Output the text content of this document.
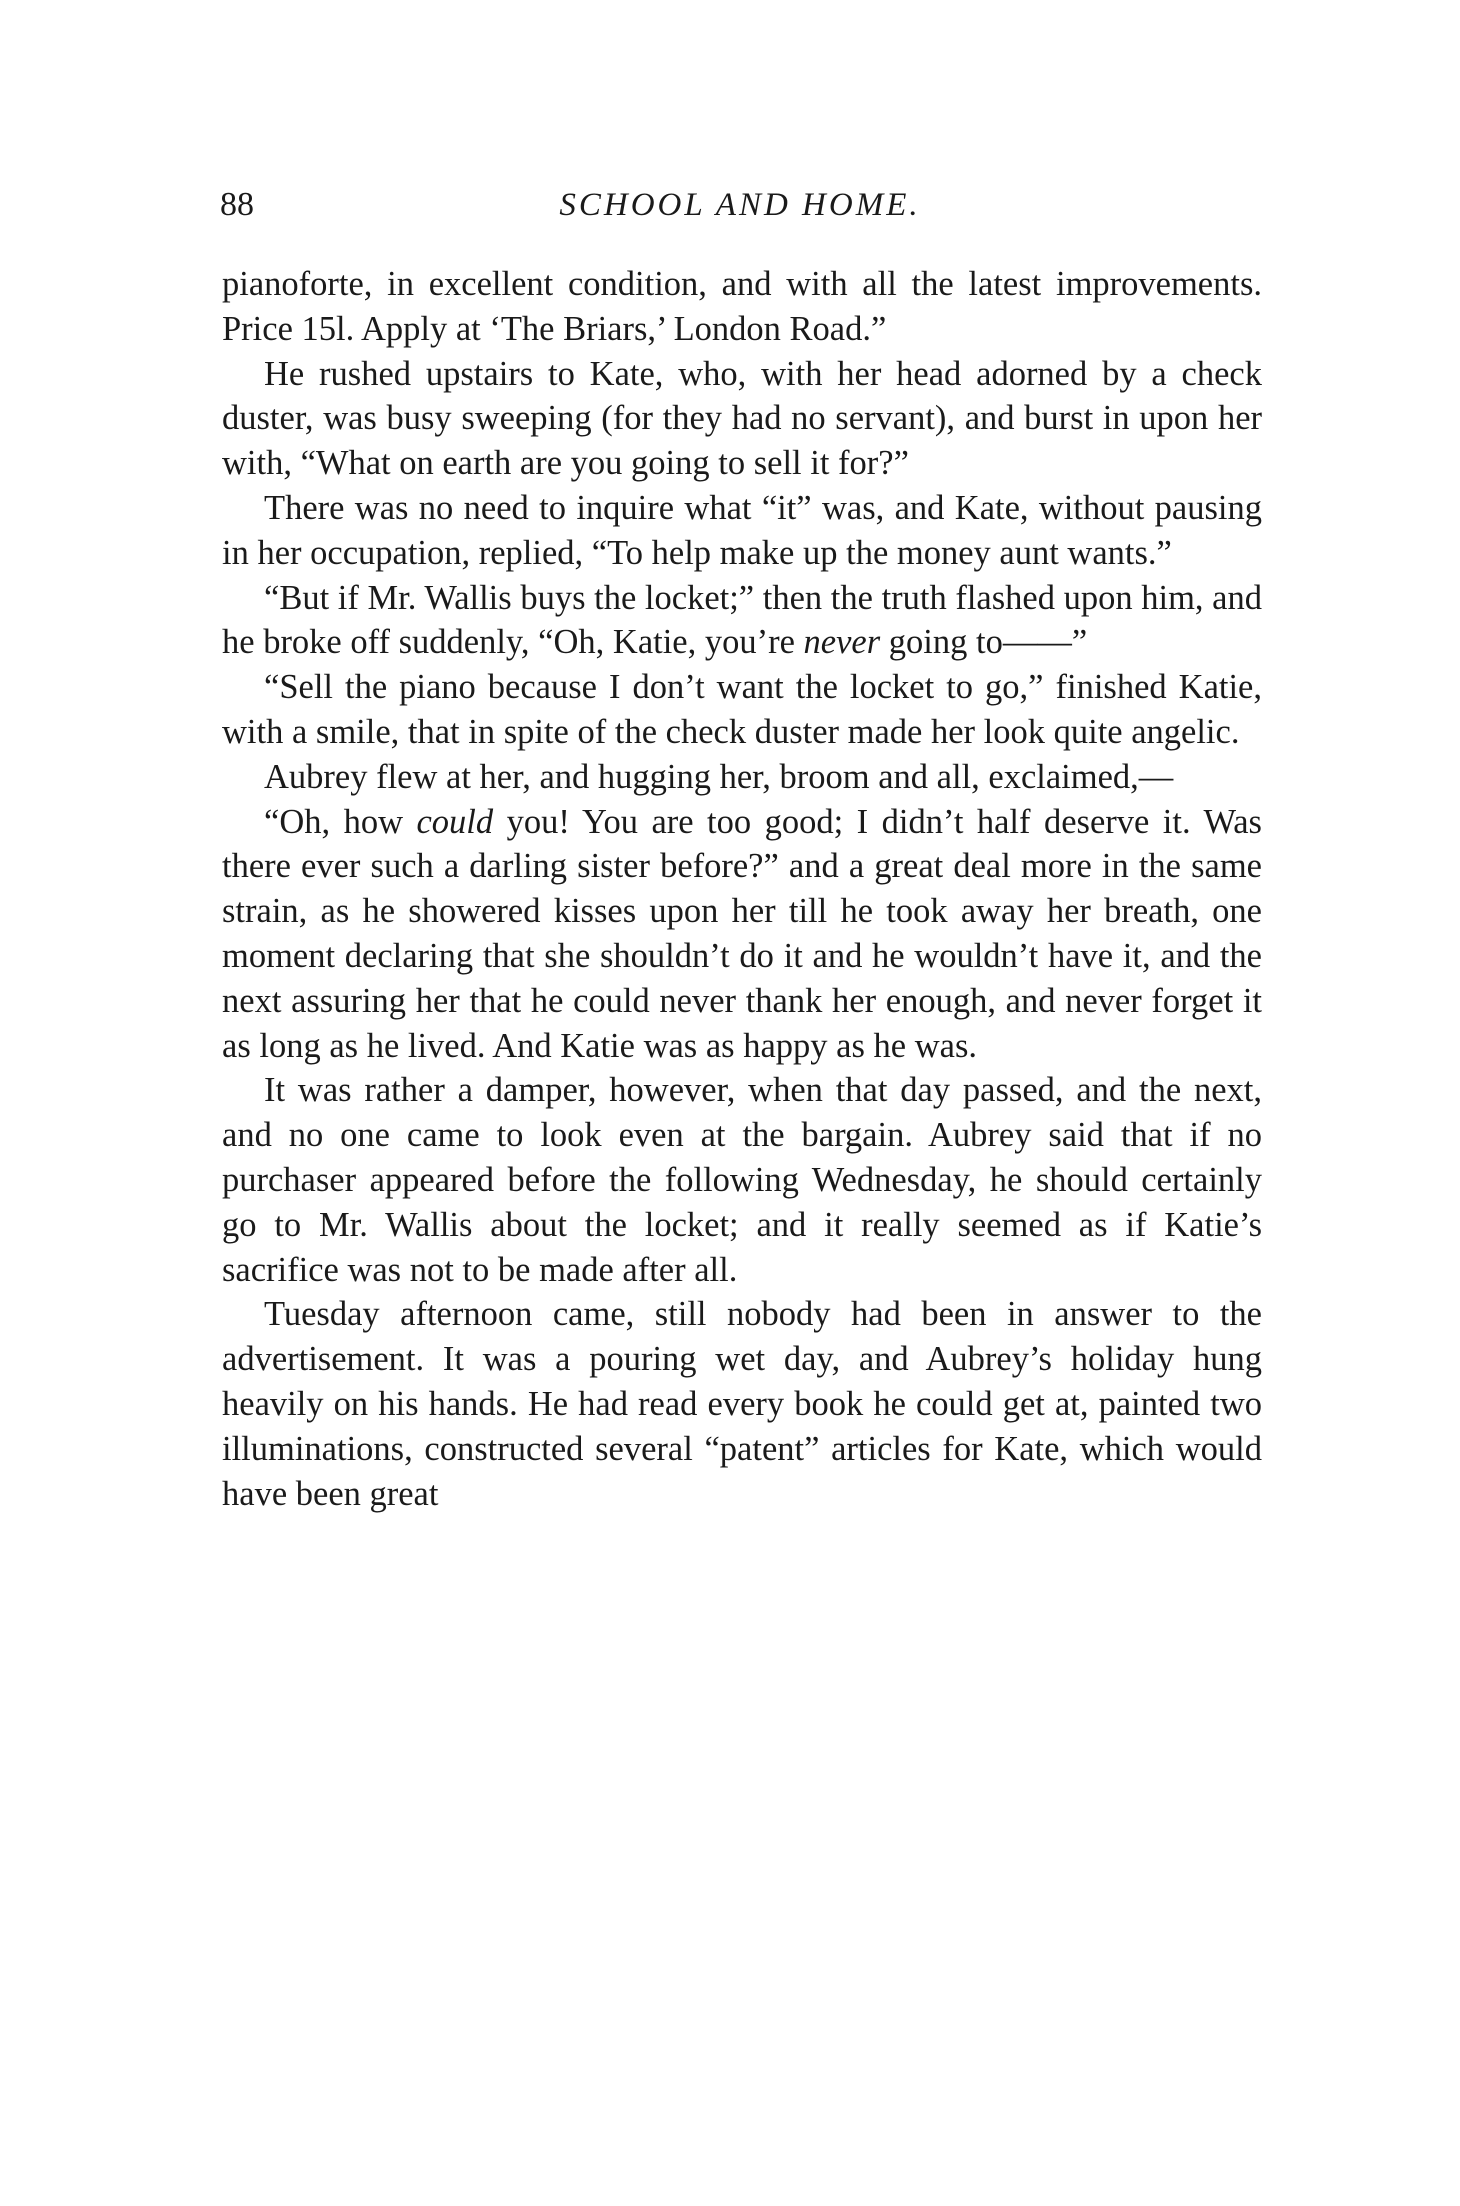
88	SCHOOL AND HOME.

pianoforte, in excellent condition, and with all the latest improvements. Price 15l. Apply at ‘The Briars,’ London Road.”

He rushed upstairs to Kate, who, with her head adorned by a check duster, was busy sweeping (for they had no servant), and burst in upon her with, “What on earth are you going to sell it for?”

There was no need to inquire what “it” was, and Kate, without pausing in her occupation, replied, “To help make up the money aunt wants.”

“But if Mr. Wallis buys the locket;” then the truth flashed upon him, and he broke off suddenly, “Oh, Katie, you’re never going to——”

“Sell the piano because I don’t want the locket to go,” finished Katie, with a smile, that in spite of the check duster made her look quite angelic.

Aubrey flew at her, and hugging her, broom and all, exclaimed,—

“Oh, how could you! You are too good; I didn’t half deserve it. Was there ever such a darling sister before?” and a great deal more in the same strain, as he showered kisses upon her till he took away her breath, one moment declaring that she shouldn’t do it and he wouldn’t have it, and the next assuring her that he could never thank her enough, and never forget it as long as he lived. And Katie was as happy as he was.

It was rather a damper, however, when that day passed, and the next, and no one came to look even at the bargain. Aubrey said that if no purchaser appeared before the following Wednesday, he should certainly go to Mr. Wallis about the locket; and it really seemed as if Katie’s sacrifice was not to be made after all.

Tuesday afternoon came, still nobody had been in answer to the advertisement. It was a pouring wet day, and Aubrey’s holiday hung heavily on his hands. He had read every book he could get at, painted two illuminations, constructed several “patent” articles for Kate, which would have been great
